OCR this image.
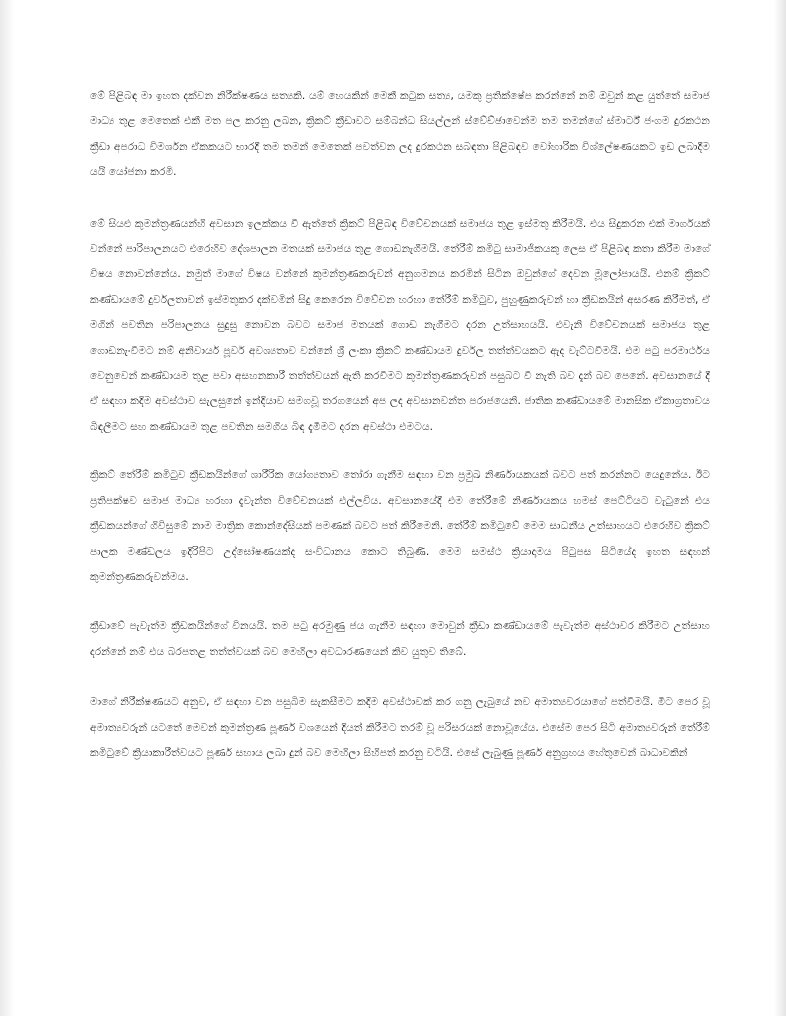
මේ පිළිබඳ මා ඉහත දක්වන නිරීක්ෂණය සත්‍යකි. යම් හෙයකින් මෙකී කටුක සත්‍ය, යමකු ප්‍රතික්ෂේප කරන්නේ නම් ඔවුන් කළ යුත්තේ සමාජ මාධ්‍ය තුළ මෙතෙක් එකී මත පල කරනු ලබන, ක්‍රිකට් ක්‍රීඩාවට සම්බන්ධ සියල්ලන් ස්වේච්ඡාවෙන්ම තම තමන්ගේ ස්මාර්ට් ජංගම දුරකථන ක්‍රීඩා අපරාධ විමර්ශන ඒකකයට භාරදී තම තමන් මෙතෙක් පවත්වන ලද දුරකථන සබඳතා පිළිබඳව වෝහාරික විශ්ලේෂණයකට ඉඩ ලබාදීම යයි යෝජනා කරමි.

මේ සියළු කුමන්ත්‍රණයන්හි අවසාන ඉලක්කය වී ඇත්තේ ක්‍රිකට් පිළිබඳ විවේචනයක් සමාජය තුළ ඉස්මතු කිරීමයි. එය සිදුකරන එක් මාර්ගයක් වන්නේ පාරිපාලනයට එරෙහිව දේශපාලන මතයක් සමාජය තුළ ගොඩනැගීමයි. තේරීම් කමිටු සාමාජිකයකු ලෙස ඒ පිළිබඳ කතා කිරීම මාගේ විෂය නොවන්නේය. නමුත් මාගේ විෂය වන්නේ කුමන්ත්‍රණකරුවන් අනුගමනය කරමින් සිටින ඔවුන්ගේ දෙවන මූලෝපායයි. එනම් ක්‍රිකට් කණ්ඩායමේ දුර්වලතාවන් ඉස්මතුකර දක්වමින් සිදු කෙරෙන විවේචන හරහා තේරීම් කමිටුව, පුහුණුකරුවන් හා ක්‍රීඩකයින් අසරණ කිරීමත්, ඒ මගින් පවතින පරිපාලනය සුදුසු නොවන බවට සමාජ මතයක් ගොඩ නැගීමට දරන උත්සාහයයි. එවැනි විවේචනයක් සමාජය තුළ ගොඩනැංවීමට නම් අනිවාර්ය පූර්ව අවශ්‍යතාව වන්නේ ශ්‍රී ලංකා ක්‍රිකට් කණ්ඩායම දුර්වල තත්ත්වයකට ඇද වැට්ටවීමයි. එම පටු පරමාර්ථය වෙනුවෙන් කණ්ඩායම තුළ පවා අසහනකාරී තත්ත්වයන් ඇති කරවීමට කුමන්ත්‍රණකරුවන් පසුබට වී නැති බව දැන් බව පෙනේ. අවසානයේ දී ඒ සඳහා කදිම අවස්ථාව සැලසුනේ ඉන්දියාව සමගවූ තරගයෙන් අප ලද අවසානවන්ත පරාජයෙනි. ජාතික කණ්ඩායමේ මානසික ඒකාග්‍රතාවය බිඳලීමට සහ කණ්ඩායම තුළ පවතින සමගිය බිඳ දැමීමට දරන අවස්ථා එමටය.

ක්‍රිකට් තේරීම් කමිටුව ක්‍රීඩකයින්ගේ ශාරීරික යෝග්‍යතාව තෝරා ගැනීම සඳහා වන ප්‍රමුඛ නිර්ණායකයක් බවට පත් කරන්නට යෙදුනේය. ඊට ප්‍රතිපක්ෂව සමාජ මාධ්‍ය හරහා දැවැන්ත විවේචනයක් එල්ලවිය. අවසානයේදී එම තේරීමේ නිර්ණායකය හමස් පෙට්ටියට වැටුනේ එය ක්‍රීඩකයන්ගේ ගිවිසුමේ නාම මාත්‍රික කොන්දේසියක් පමණක් බවට පත් කිරීමෙනි. තේරීම් කමිටුවේ මෙම සාධනීය උත්සාහයට එරෙහිව ක්‍රිකට් පාලක මණ්ඩලය ඉදිරිපිට උද්ඝෝෂණයක්ද සංවිධානය කොට තිබුණි. මෙම සමස්ථ ක්‍රියාදාමය පිටුපස සිටියේද ඉහත සඳහන් කුමන්ත්‍රණකරුවන්මය.

ක්‍රීඩාවේ පැවැත්ම ක්‍රීඩකයින්ගේ විනයයි. තම පටු අරමුණු ජය ගැනීම සඳහා මොවුන් ක්‍රීඩා කණ්ඩායමේ පැවැත්ම අස්ථාවර කිරීමට උත්සාහ දරන්නේ නම් එය බරපතළ තත්ත්වයක් බව මෙහිලා අවධාරණයෙන් කිව යුතුව තිබේ.

මාගේ නිරීක්ෂණයට අනුව, ඒ සඳහා වන පසුබිම සැකසීමට කදිම අවස්ථාවක් කර ගනු ලැබුයේ නව අමාත්‍යවරයාගේ පත්වීමයි. මීට පෙර වූ අමාත්‍යවරුන් යටතේ මෙවන් කුමන්ත්‍රණ පූර්ණ වශයෙන් දියත් කිරීමට තරම් වූ පරිසරයක් නොවූයේය. එසේම පෙර සිටි අමාත්‍යවරුන් තේරීම් කමිටුවේ ක්‍රියාකාරීත්වයට පූර්ණ සහාය ලබා දුන් බව මෙහිලා සිහිපත් කරනු වටියි. එසේ ලැබුණු පූර්ණ අනුග්‍රහය හේතුවෙන් බාධාවකින්
